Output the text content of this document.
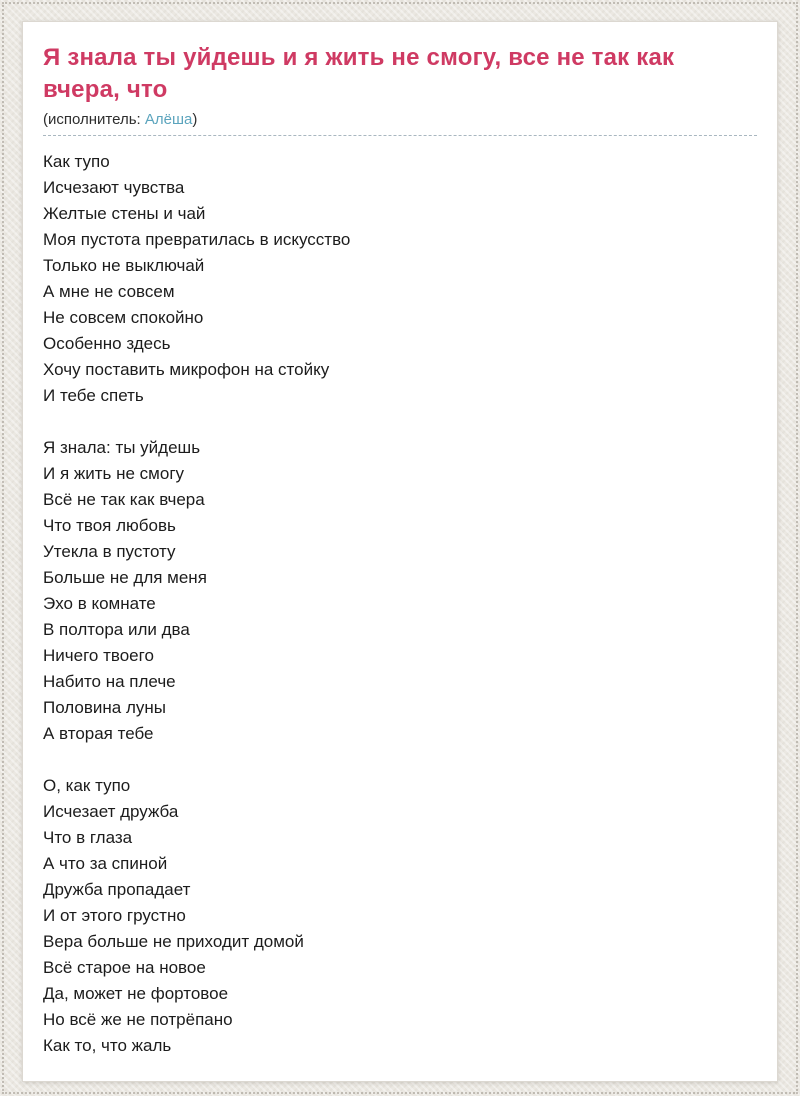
Я знала ты уйдешь и я жить не смогу, все не так как вчера, что
(исполнитель: Алёша)

Как тупо
Исчезают чувства
Желтые стены и чай
Моя пустота превратилась в искусство
Только не выключай
А мне не совсем
Не совсем спокойно
Особенно здесь
Хочу поставить микрофон на стойку
И тебе спеть

Я знала: ты уйдешь
И я жить не смогу
Всё не так как вчера
Что твоя любовь
Утекла в пустоту
Больше не для меня
Эхо в комнате
В полтора или два
Ничего твоего
Набито на плече
Половина луны
А вторая тебе

О, как тупо
Исчезает дружба
Что в глаза
А что за спиной
Дружба пропадает
И от этого грустно
Вера больше не приходит домой
Всё старое на новое
Да, может не фортовое
Но всё же не потрёпано
Как то, что жаль
